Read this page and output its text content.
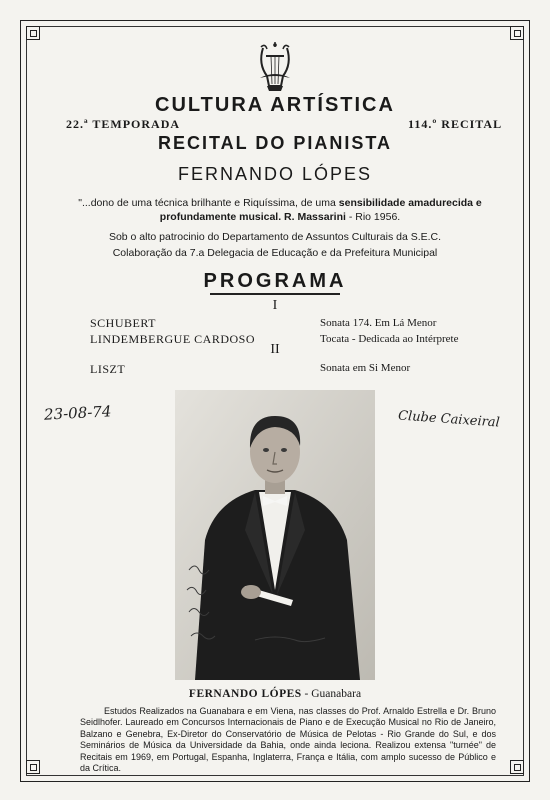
CULTURA ARTÍSTICA
22.ª TEMPORADA	114.º RECITAL
RECITAL DO PIANISTA
FERNANDO LÓPES
"...dono de uma técnica brilhante e Riquíssima, de uma sensibilidade amadurecida e profundamente musical. R. Massarini - Rio 1956.
Sob o alto patrocinio do Departamento de Assuntos Culturais da S.E.C.
Colaboração da 7.a Delegacia de Educação e da Prefeitura Municipal
PROGRAMA
I
SCHUBERT	Sonata 174. Em Lá Menor
LINDEMBERGUE CARDOSO	Tocata - Dedicada ao Intérprete
II
LISZT	Sonata em Si Menor
23-08-74	Clube Caixeiral
FERNANDO LÓPES - Guanabara
Estudos Realizados na Guanabara e em Viena, nas classes do Prof. Arnaldo Estrella e Dr. Bruno Seidlhofer. Laureado em Concursos Internacionais de Piano e de Execução Musical no Rio de Janeiro, Balzano e Genebra, Ex-Diretor do Conservatório de Música de Pelotas - Rio Grande do Sul, e dos Seminários de Música da Universidade da Bahia, onde ainda leciona. Realizou extensa "turnée" de Recitais em 1969, em Portugal, Espanha, Inglaterra, França e Itália, com amplo sucesso de Público e da Crítica.
